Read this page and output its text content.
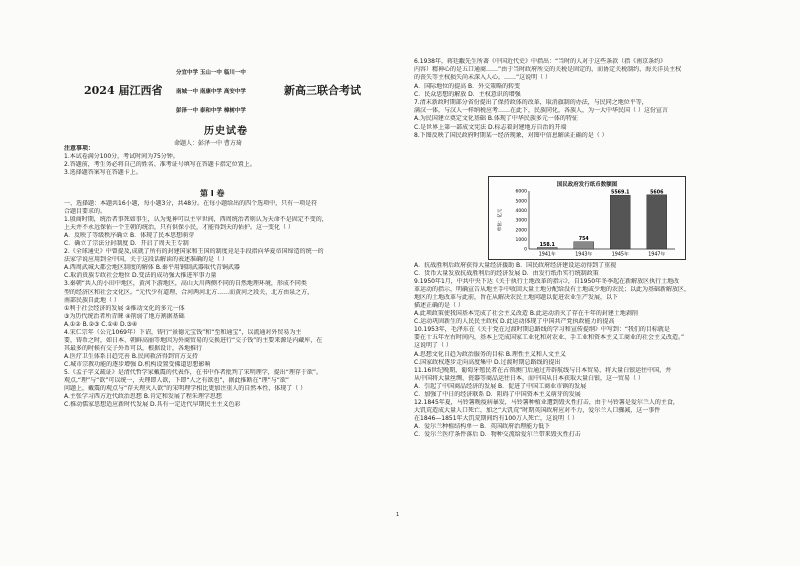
2024 届江西省
分宜中学 玉山一中 临川一中
南城一中 南康中学 高安中学
彭泽一中 泰和中学 樟树中学
新高三联合考试
历史试卷
命题人：彭泽一中 曹方琦
注意事项：
1.本试卷满分100分，考试时间为75分钟。
2.答题前，考生务必将自己的姓名、准考证号填写在答题卡指定位置上。
3.选择题答案写在答题卡上。
第 I 卷
一、选择题：本题共16小题，每小题3分，共48分。在每小题给出的四个选项中，只有一项是符
合题目要求的。
1.殷商时期，统治者事死如事生，认为鬼神可以主宰世间，西周统治者则认为天命不是固定不变的，
上天并不永远保佑一个王朝的统治，只有供保小民，才能得到天的佑护。这一变化（ ）
A．反映了等级秩序确立 B．体现了民本思想萌芽
C．确立了宗法分封制度 D．开启了周天王专制
2.《全球通史》中曾提及,成就了所有的封建国家和王国的制度竟是手段指向华夏帝国缔造的统一的
法家学说应用到全中国，关于这段话解读的表述准确的是（ ）
A.西周武城大都会地区制度的解体 B.秦平用钢制武器取代青铜武器
C.取消贵族专政社会地位 D.变法的成功强大推进军事力量
3.秦朝“共人的小田中地区，黄河下游地区，高山大川两侧不同的自然地理环境，形成不同类
型的经济区和社会文化区。“元代少有道理，合河两河北方……而黄河之段关，北方由泉之方，
南部民族自此地（ ）
①利于社会经济的发展 ②推动文化的多元一体
③为历代统治者所青睐 ④削弱了地方割据基础
A.①② B.②③ C.①④ D.③④
4.宋仁宗年（公元1069年）下诏，铸行“景德元宝钱”和“至和通宝”，以流通对外贸易为主
要，铸币之时，如日本、朝鲜高丽等地因为外商贸易的交换进行“交子钱”的主要来源是内藏库，在
其最多的时候有交子外币可以，根据设计，各地推行
A.医疗卫生体系日趋完善 B.民间救济得到官方支持
C.城市宗教功能的逐步增强 D.机构设置受佛道思想影响
5.《孟子字义疏证》是清代哲学家戴震的代表作，在书中作者批判了宋明理学，提出“理存于欲”。
观点,“理”与“欲”可以统一，天理即人欲，下即“人之有欲也”，据此推断在“理”与“欲”
问题上，戴震的观点与“存天理灭人欲”的宋明理学相比更加注重人的自然本性，体现了（ ）
A.主张学习西方近代政治思想 B.肯定和发展了程朱理学思想
C.推动儒家思想适应新时代发展 D.具有一定近代早期民主主义色彩
6.1938年，蒋廷黻先生所著《中国近代史》中指出：“当时的人对于这些条款（指《南京条约》
内容）精神心的是五口通商……”由于当时政府所交的关税是固定的，而协定关税制约、海关洋员主权
的丧失等主权损失尚未深入人心。……”这说明（ ）
A．国际地位的提高 B．外交策略的转变
C．民众思想的解放 D．主权意识的增强
7.清末新政时期部分省份提出了保持政体的改革，取消旗制的办法，与民同之地位平等，
满汉一体，与汉人一样纳税应考……在此下，民族同化，各族人，为一大中华民国（ ）这份宣言
A.为民国建立奠定文化基础 B.体现了中华民族多元一体的特征
C.是世界上第一部成文宪法 D.标志着封建地方自治的开端
8.下图反映了国民政府时期某一经济现象，对图中信息解读正确的是（ ）
国民政府发行纸币数额图
6000
5000
4000
3000
2000
1000
0
单位：亿元
158.1
1941年
754
1943年
5569.1
1945年
5606
1947年
A．抗战胜利后政府获得大量经济援助 B．国民政府经济建设运动得到了重视
C．货币大量发放抗战胜利后的经济发展 D．由发行纸币实行统制政策
9.1950年1月，中共中央下达《关于执行土地改革的指示》，自1950年冬季起在新解放区执行土地改
革运动的指示，明确宣告从地主手中收回大量土地分配给没有土地或少地的农民；以此为基础新解放区，
地区的土地改革与此前，旨在从解决农民土地问题以促进农业生产发展，以下
描述正确的是（ ）
A.此项政策使我国基本完成了社会主义改造 B.此运动消灭了存在千年的封建土地剥削
C.运动巩固新生的人民民主政权 D.此运动体现了中国共产党执政能力的提高
10.1953年，毛泽东在《关于党在过渡时期总路线的学习和宣传提纲》中写到：“我们的目标就是
要在十五年左右时间内，基本上完成国家工业化和对农业、手工业和资本主义工商业的社会主义改造。”
这说明了（ ）
A.思想文化日趋为政治服务的目标 B.理性主义和人文主义
C.国家政权逐步走向高度集中 D.过渡时期总路线的提出
11.16世纪晚期，葡萄牙殖民者在占领澳门后通过开辟航线与日本贸易，将大量白银运往中国，并
从中国将大量丝绸、瓷器等商品运往日本，而中国从日本获取大量白银，这一贸易（ ）
A．引起了中国商品经济的发展 B．促进了中国工商业市镇的发展
C．加强了中日的经济联系 D．阻碍了中国资本主义萌芽的发展
12.1845年夏，马铃薯晚疫病暴发，马铃薯种植业遭到毁灭性打击，由于马铃薯是爱尔兰人的主食，
大饥荒造成大量人口死亡，加之“大饥荒”时期英国政府应对不力，爱尔兰人口骤减，这一事件
在1846—1851年大饥荒期间约有100万人死亡，这说明（ ）
A．爱尔兰种植结构单一 B．英国政府治理能力低下
C．爱尔兰医疗条件落后 D．物种交流给爱尔兰带来毁灭性打击
1
